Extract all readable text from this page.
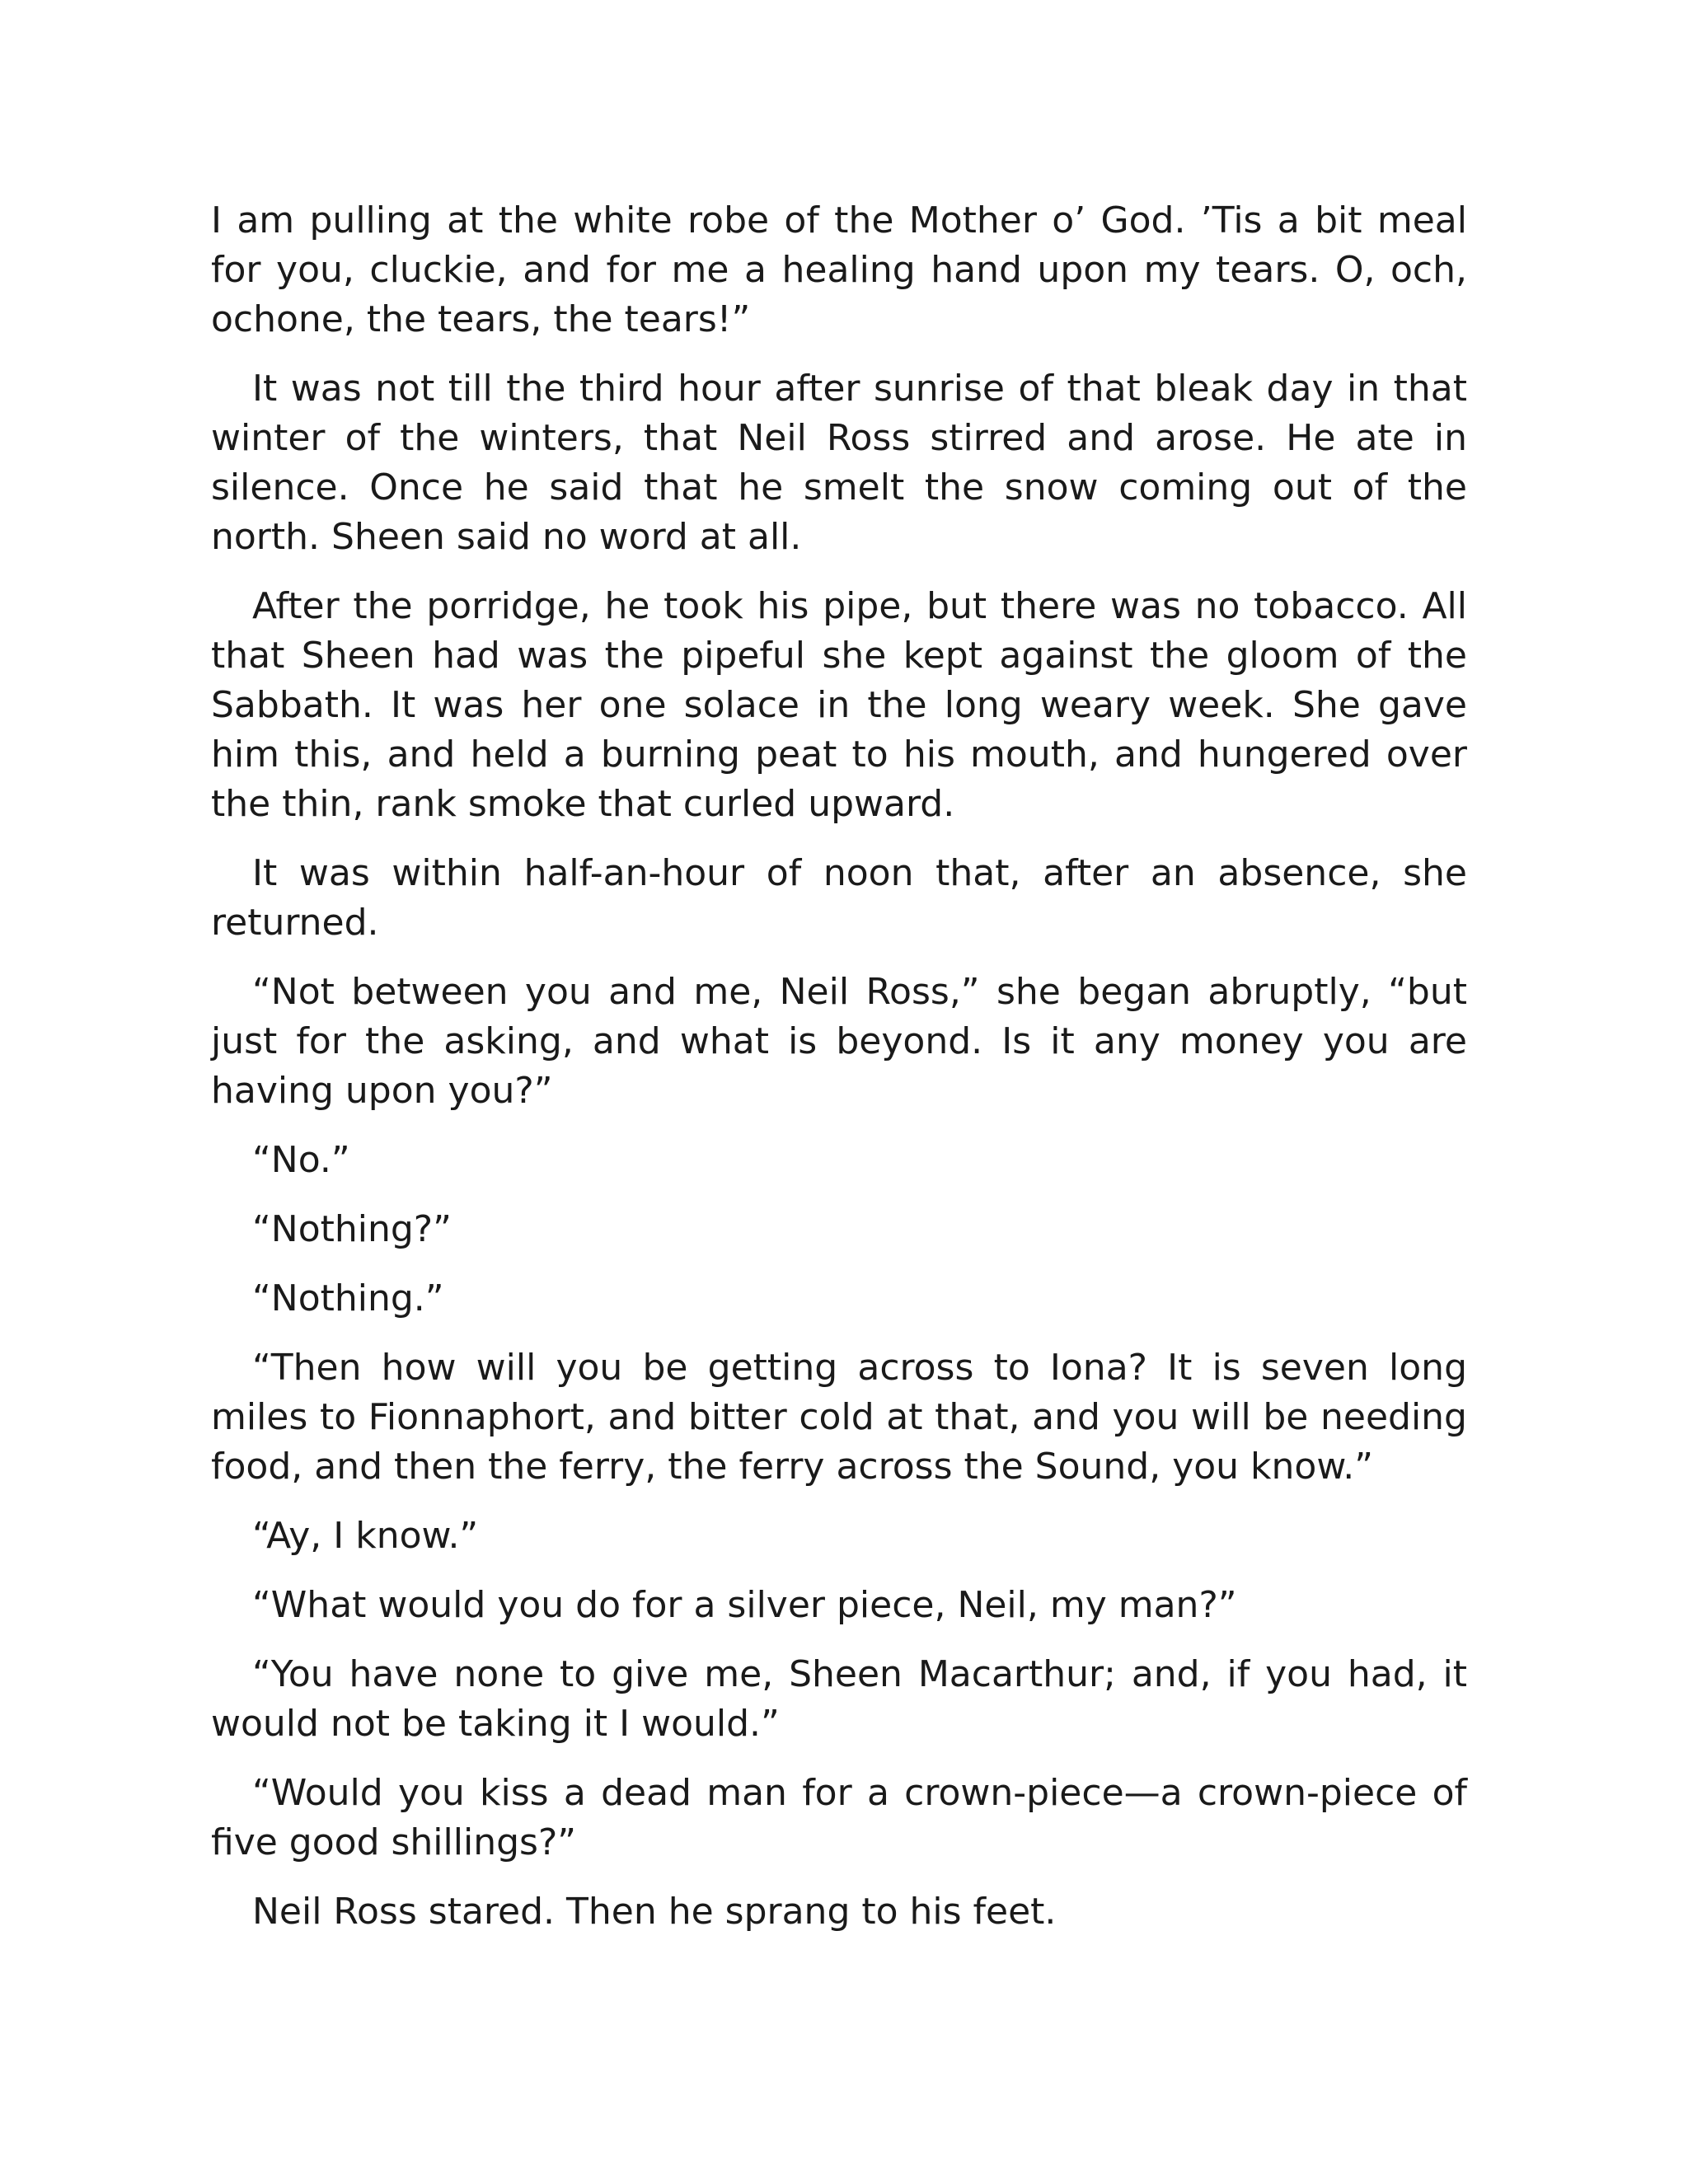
I am pulling at the white robe of the Mother o’ God. ’Tis a bit meal for you, cluckie, and for me a healing hand upon my tears. O, och, ochone, the tears, the tears!”

It was not till the third hour after sunrise of that bleak day in that winter of the winters, that Neil Ross stirred and arose. He ate in silence. Once he said that he smelt the snow coming out of the north. Sheen said no word at all.

After the porridge, he took his pipe, but there was no tobacco. All that Sheen had was the pipeful she kept against the gloom of the Sabbath. It was her one solace in the long weary week. She gave him this, and held a burning peat to his mouth, and hungered over the thin, rank smoke that curled upward.

It was within half-an-hour of noon that, after an absence, she returned.

“Not between you and me, Neil Ross,” she began abruptly, “but just for the asking, and what is beyond. Is it any money you are having upon you?”

“No.”

“Nothing?”

“Nothing.”

“Then how will you be getting across to Iona? It is seven long miles to Fionnaphort, and bitter cold at that, and you will be needing food, and then the ferry, the ferry across the Sound, you know.”

“Ay, I know.”

“What would you do for a silver piece, Neil, my man?”

“You have none to give me, Sheen Macarthur; and, if you had, it would not be taking it I would.”

“Would you kiss a dead man for a crown-piece—a crown-piece of five good shillings?”

Neil Ross stared. Then he sprang to his feet.
